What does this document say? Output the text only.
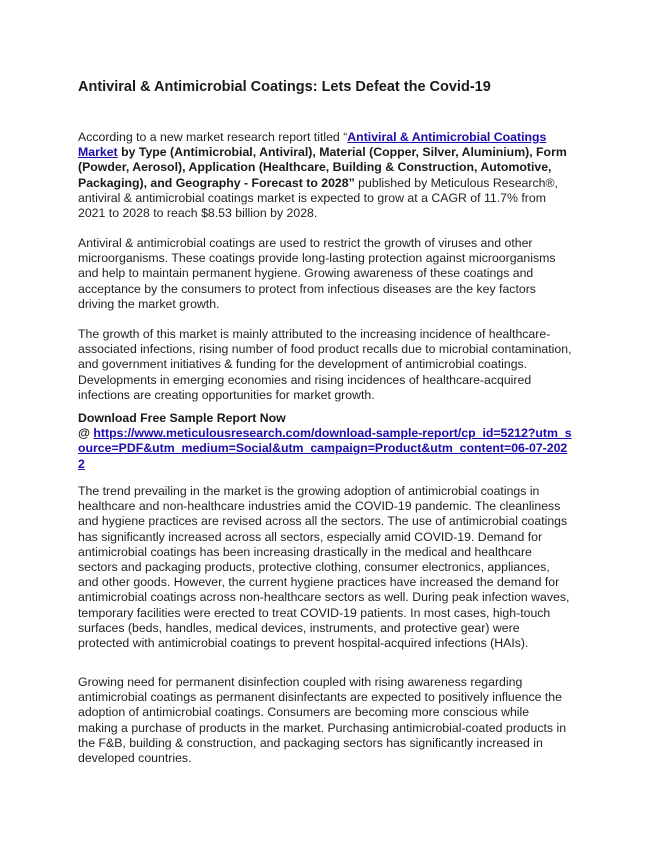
Antiviral & Antimicrobial Coatings: Lets Defeat the Covid-19

According to a new market research report titled “Antiviral & Antimicrobial Coatings Market by Type (Antimicrobial, Antiviral), Material (Copper, Silver, Aluminium), Form (Powder, Aerosol), Application (Healthcare, Building & Construction, Automotive, Packaging), and Geography - Forecast to 2028” published by Meticulous Research®, antiviral & antimicrobial coatings market is expected to grow at a CAGR of 11.7% from 2021 to 2028 to reach $8.53 billion by 2028.

Antiviral & antimicrobial coatings are used to restrict the growth of viruses and other microorganisms. These coatings provide long-lasting protection against microorganisms and help to maintain permanent hygiene. Growing awareness of these coatings and acceptance by the consumers to protect from infectious diseases are the key factors driving the market growth.

The growth of this market is mainly attributed to the increasing incidence of healthcare-associated infections, rising number of food product recalls due to microbial contamination, and government initiatives & funding for the development of antimicrobial coatings. Developments in emerging economies and rising incidences of healthcare-acquired infections are creating opportunities for market growth.

Download Free Sample Report Now
@ https://www.meticulousresearch.com/download-sample-report/cp_id=5212?utm_source=PDF&utm_medium=Social&utm_campaign=Product&utm_content=06-07-2022

The trend prevailing in the market is the growing adoption of antimicrobial coatings in healthcare and non-healthcare industries amid the COVID-19 pandemic. The cleanliness and hygiene practices are revised across all the sectors. The use of antimicrobial coatings has significantly increased across all sectors, especially amid COVID-19. Demand for antimicrobial coatings has been increasing drastically in the medical and healthcare sectors and packaging products, protective clothing, consumer electronics, appliances, and other goods. However, the current hygiene practices have increased the demand for antimicrobial coatings across non-healthcare sectors as well. During peak infection waves, temporary facilities were erected to treat COVID-19 patients. In most cases, high-touch surfaces (beds, handles, medical devices, instruments, and protective gear) were protected with antimicrobial coatings to prevent hospital-acquired infections (HAIs).

Growing need for permanent disinfection coupled with rising awareness regarding antimicrobial coatings as permanent disinfectants are expected to positively influence the adoption of antimicrobial coatings. Consumers are becoming more conscious while making a purchase of products in the market. Purchasing antimicrobial-coated products in the F&B, building & construction, and packaging sectors has significantly increased in developed countries.
